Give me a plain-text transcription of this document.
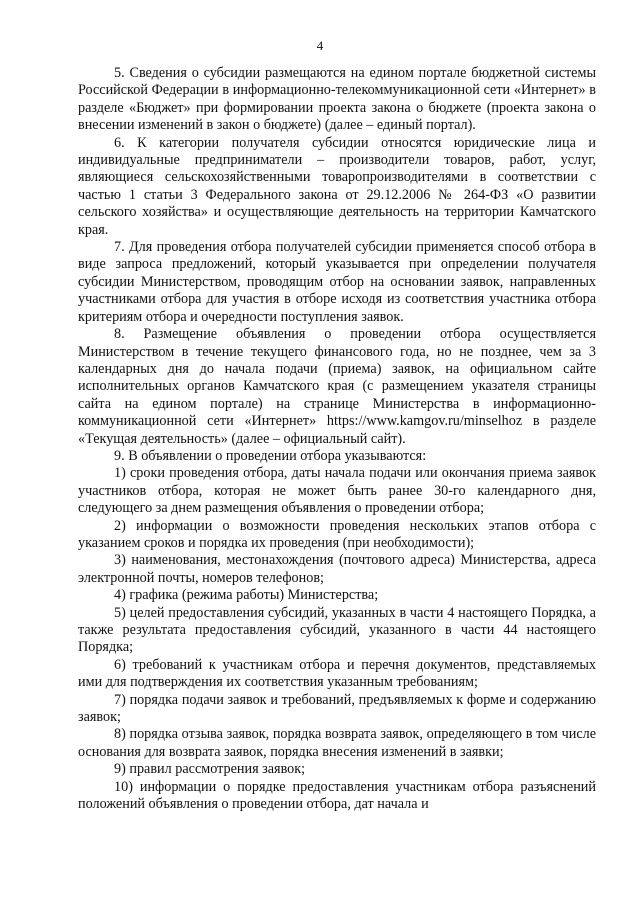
4

5. Сведения о субсидии размещаются на едином портале бюджетной системы Российской Федерации в информационно-телекоммуникационной сети «Интернет» в разделе «Бюджет» при формировании проекта закона о бюджете (проекта закона о внесении изменений в закон о бюджете) (далее – единый портал).

6. К категории получателя субсидии относятся юридические лица и индивидуальные предприниматели – производители товаров, работ, услуг, являющиеся сельскохозяйственными товаропроизводителями в соответствии с частью 1 статьи 3 Федерального закона от 29.12.2006 № 264-ФЗ «О развитии сельского хозяйства» и осуществляющие деятельность на территории Камчатского края.

7. Для проведения отбора получателей субсидии применяется способ отбора в виде запроса предложений, который указывается при определении получателя субсидии Министерством, проводящим отбор на основании заявок, направленных участниками отбора для участия в отборе исходя из соответствия участника отбора критериям отбора и очередности поступления заявок.

8. Размещение объявления о проведении отбора осуществляется Министерством в течение текущего финансового года, но не позднее, чем за 3 календарных дня до начала подачи (приема) заявок, на официальном сайте исполнительных органов Камчатского края (с размещением указателя страницы сайта на едином портале) на странице Министерства в информационно-коммуникационной сети «Интернет» https://www.kamgov.ru/minselhoz в разделе «Текущая деятельность» (далее – официальный сайт).

9. В объявлении о проведении отбора указываются:

1) сроки проведения отбора, даты начала подачи или окончания приема заявок участников отбора, которая не может быть ранее 30-го календарного дня, следующего за днем размещения объявления о проведении отбора;

2) информации о возможности проведения нескольких этапов отбора с указанием сроков и порядка их проведения (при необходимости);

3) наименования, местонахождения (почтового адреса) Министерства, адреса электронной почты, номеров телефонов;

4) графика (режима работы) Министерства;

5) целей предоставления субсидий, указанных в части 4 настоящего Порядка, а также результата предоставления субсидий, указанного в части 44 настоящего Порядка;

6) требований к участникам отбора и перечня документов, представляемых ими для подтверждения их соответствия указанным требованиям;

7) порядка подачи заявок и требований, предъявляемых к форме и содержанию заявок;

8) порядка отзыва заявок, порядка возврата заявок, определяющего в том числе основания для возврата заявок, порядка внесения изменений в заявки;

9) правил рассмотрения заявок;

10) информации о порядке предоставления участникам отбора разъяснений положений объявления о проведении отбора, дат начала и
